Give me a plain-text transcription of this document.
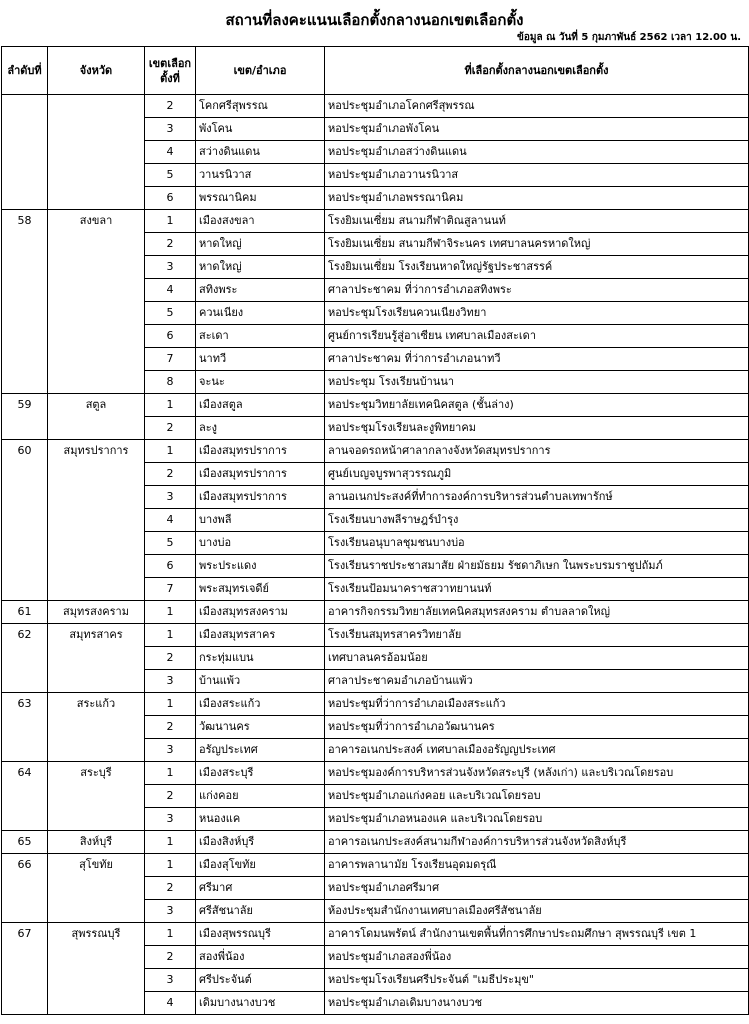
สถานที่ลงคะแนนเลือกตั้งกลางนอกเขตเลือกตั้ง
ข้อมูล ณ วันที่ 5 กุมภาพันธ์ 2562 เวลา 12.00 น.
ลำดับที่	จังหวัด	เขตเลือกตั้งที่	เขต/อำเภอ	ที่เลือกตั้งกลางนอกเขตเลือกตั้ง
		2	โคกศรีสุพรรณ	หอประชุมอำเภอโคกศรีสุพรรณ
		3	พังโคน	หอประชุมอำเภอพังโคน
		4	สว่างดินแดน	หอประชุมอำเภอสว่างดินแดน
		5	วานรนิวาส	หอประชุมอำเภอวานรนิวาส
		6	พรรณานิคม	หอประชุมอำเภอพรรณานิคม
58	สงขลา	1	เมืองสงขลา	โรงยิมเนเซี่ยม สนามกีฬาติณสูลานนท์
		2	หาดใหญ่	โรงยิมเนเซี่ยม สนามกีฬาจิระนคร เทศบาลนครหาดใหญ่
		3	หาดใหญ่	โรงยิมเนเซี่ยม โรงเรียนหาดใหญ่รัฐประชาสรรค์
		4	สทิงพระ	ศาลาประชาคม ที่ว่าการอำเภอสทิงพระ
		5	ควนเนียง	หอประชุมโรงเรียนควนเนียงวิทยา
		6	สะเดา	ศูนย์การเรียนรู้สู่อาเซียน เทศบาลเมืองสะเดา
		7	นาทวี	ศาลาประชาคม ที่ว่าการอำเภอนาทวี
		8	จะนะ	หอประชุม โรงเรียนบ้านนา
59	สตูล	1	เมืองสตูล	หอประชุมวิทยาลัยเทคนิคสตูล (ชั้นล่าง)
		2	ละงู	หอประชุมโรงเรียนละงูพิทยาคม
60	สมุทรปราการ	1	เมืองสมุทรปราการ	ลานจอดรถหน้าศาลากลางจังหวัดสมุทรปราการ
		2	เมืองสมุทรปราการ	ศูนย์เบญจบูรพาสุวรรณภูมิ
		3	เมืองสมุทรปราการ	ลานอเนกประสงค์ที่ทำการองค์การบริหารส่วนตำบลเทพารักษ์
		4	บางพลี	โรงเรียนบางพลีราษฎร์บำรุง
		5	บางบ่อ	โรงเรียนอนุบาลชุมชนบางบ่อ
		6	พระประแดง	โรงเรียนราชประชาสมาสัย ฝ่ายมัธยม รัชดาภิเษก ในพระบรมราชูปถัมภ์
		7	พระสมุทรเจดีย์	โรงเรียนป้อมนาคราชสวาทยานนท์
61	สมุทรสงคราม	1	เมืองสมุทรสงคราม	อาคารกิจกรรมวิทยาลัยเทคนิคสมุทรสงคราม ตำบลลาดใหญ่
62	สมุทรสาคร	1	เมืองสมุทรสาคร	โรงเรียนสมุทรสาครวิทยาลัย
		2	กระทุ่มแบน	เทศบาลนครอ้อมน้อย
		3	บ้านแพ้ว	ศาลาประชาคมอำเภอบ้านแพ้ว
63	สระแก้ว	1	เมืองสระแก้ว	หอประชุมที่ว่าการอำเภอเมืองสระแก้ว
		2	วัฒนานคร	หอประชุมที่ว่าการอำเภอวัฒนานคร
		3	อรัญประเทศ	อาคารอเนกประสงค์ เทศบาลเมืองอรัญญประเทศ
64	สระบุรี	1	เมืองสระบุรี	หอประชุมองค์การบริหารส่วนจังหวัดสระบุรี (หลังเก่า) และบริเวณโดยรอบ
		2	แก่งคอย	หอประชุมอำเภอแก่งคอย และบริเวณโดยรอบ
		3	หนองแค	หอประชุมอำเภอหนองแค และบริเวณโดยรอบ
65	สิงห์บุรี	1	เมืองสิงห์บุรี	อาคารอเนกประสงค์สนามกีฬาองค์การบริหารส่วนจังหวัดสิงห์บุรี
66	สุโขทัย	1	เมืองสุโขทัย	อาคารพลานามัย โรงเรียนอุดมดรุณี
		2	ศรีมาศ	หอประชุมอำเภอศรีมาศ
		3	ศรีสัชนาลัย	ห้องประชุมสำนักงานเทศบาลเมืองศรีสัชนาลัย
67	สุพรรณบุรี	1	เมืองสุพรรณบุรี	อาคารโดมนพรัตน์ สำนักงานเขตพื้นที่การศึกษาประถมศึกษา สุพรรณบุรี เขต 1
		2	สองพี่น้อง	หอประชุมอำเภอสองพี่น้อง
		3	ศรีประจันต์	หอประชุมโรงเรียนศรีประจันต์ "เมธีประมุข"
		4	เดิมบางนางบวช	หอประชุมอำเภอเดิมบางนางบวช
